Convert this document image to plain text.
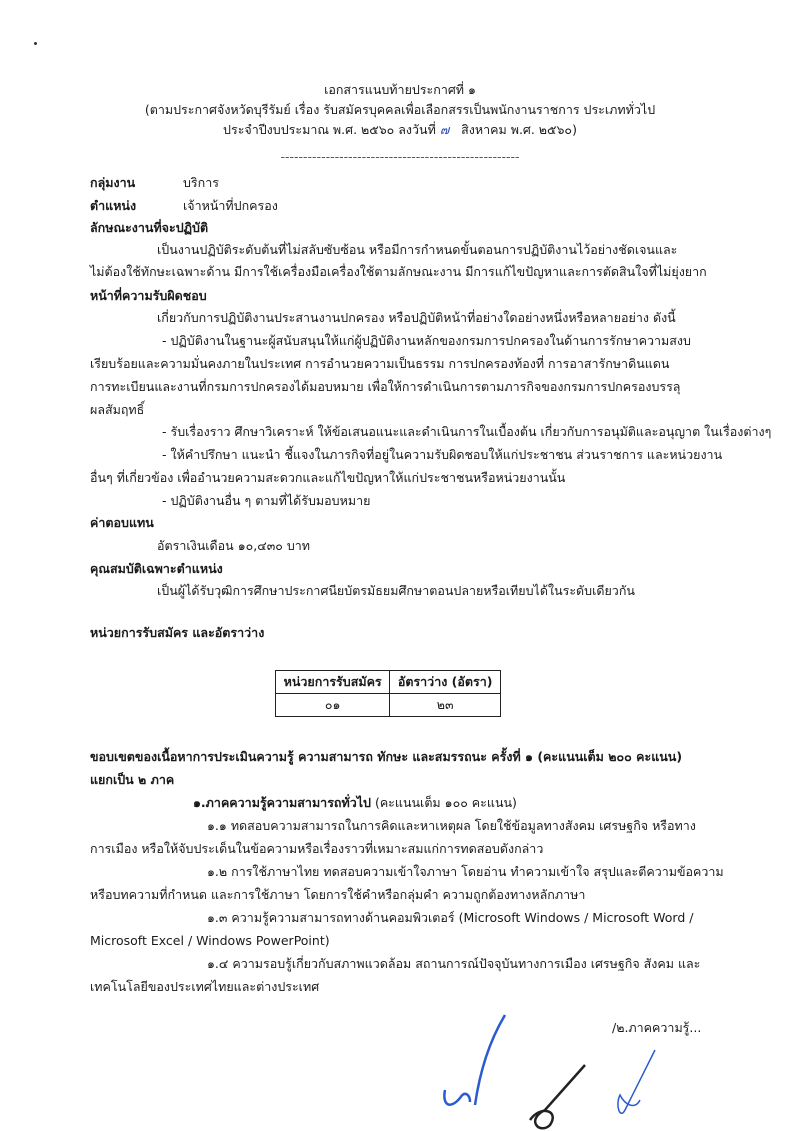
เอกสารแนบท้ายประกาศที่ ๑
(ตามประกาศจังหวัดบุรีรัมย์ เรื่อง รับสมัครบุคคลเพื่อเลือกสรรเป็นพนักงานราชการ ประเภททั่วไป
ประจำปีงบประมาณ พ.ศ. ๒๕๖๐ ลงวันที่ ๗ สิงหาคม พ.ศ. ๒๕๖๐)
-----------------------------------------------------
กลุ่มงาน	บริการ
ตำแหน่ง	เจ้าหน้าที่ปกครอง
ลักษณะงานที่จะปฏิบัติ
เป็นงานปฏิบัติระดับต้นที่ไม่สลับซับซ้อน หรือมีการกำหนดขั้นตอนการปฏิบัติงานไว้อย่างชัดเจนและ
ไม่ต้องใช้ทักษะเฉพาะด้าน มีการใช้เครื่องมือเครื่องใช้ตามลักษณะงาน มีการแก้ไขปัญหาและการตัดสินใจที่ไม่ยุ่งยาก
หน้าที่ความรับผิดชอบ
เกี่ยวกับการปฏิบัติงานประสานงานปกครอง หรือปฏิบัติหน้าที่อย่างใดอย่างหนึ่งหรือหลายอย่าง ดังนี้
- ปฏิบัติงานในฐานะผู้สนับสนุนให้แก่ผู้ปฏิบัติงานหลักของกรมการปกครองในด้านการรักษาความสงบ
เรียบร้อยและความมั่นคงภายในประเทศ การอำนวยความเป็นธรรม การปกครองท้องที่ การอาสารักษาดินแดน
การทะเบียนและงานที่กรมการปกครองได้มอบหมาย เพื่อให้การดำเนินการตามภารกิจของกรมการปกครองบรรลุ
ผลสัมฤทธิ์
- รับเรื่องราว ศึกษาวิเคราะห์ ให้ข้อเสนอแนะและดำเนินการในเบื้องต้น เกี่ยวกับการอนุมัติและอนุญาต ในเรื่องต่างๆ
- ให้คำปรึกษา แนะนำ ชี้แจงในภารกิจที่อยู่ในความรับผิดชอบให้แก่ประชาชน ส่วนราชการ และหน่วยงาน
อื่นๆ ที่เกี่ยวข้อง เพื่ออำนวยความสะดวกและแก้ไขปัญหาให้แก่ประชาชนหรือหน่วยงานนั้น
- ปฏิบัติงานอื่น ๆ ตามที่ได้รับมอบหมาย
ค่าตอบแทน
อัตราเงินเดือน ๑๐,๔๓๐ บาท
คุณสมบัติเฉพาะตำแหน่ง
เป็นผู้ได้รับวุฒิการศึกษาประกาศนียบัตรมัธยมศึกษาตอนปลายหรือเทียบได้ในระดับเดียวกัน
หน่วยการรับสมัคร และอัตราว่าง
หน่วยการรับสมัคร	อัตราว่าง (อัตรา)
๐๑	๒๓
ขอบเขตของเนื้อหาการประเมินความรู้ ความสามารถ ทักษะ และสมรรถนะ ครั้งที่ ๑ (คะแนนเต็ม ๒๐๐ คะแนน)
แยกเป็น ๒ ภาค
๑.ภาคความรู้ความสามารถทั่วไป (คะแนนเต็ม ๑๐๐ คะแนน)
๑.๑ ทดสอบความสามารถในการคิดและหาเหตุผล โดยใช้ข้อมูลทางสังคม เศรษฐกิจ หรือทาง
การเมือง หรือให้จับประเด็นในข้อความหรือเรื่องราวที่เหมาะสมแก่การทดสอบดังกล่าว
๑.๒ การใช้ภาษาไทย ทดสอบความเข้าใจภาษา โดยอ่าน ทำความเข้าใจ สรุปและตีความข้อความ
หรือบทความที่กำหนด และการใช้ภาษา โดยการใช้คำหรือกลุ่มคำ ความถูกต้องทางหลักภาษา
๑.๓ ความรู้ความสามารถทางด้านคอมพิวเตอร์ (Microsoft Windows / Microsoft Word /
Microsoft Excel / Windows PowerPoint)
๑.๔ ความรอบรู้เกี่ยวกับสภาพแวดล้อม สถานการณ์ปัจจุบันทางการเมือง เศรษฐกิจ สังคม และ
เทคโนโลยีของประเทศไทยและต่างประเทศ
/๒.ภาคความรู้...
